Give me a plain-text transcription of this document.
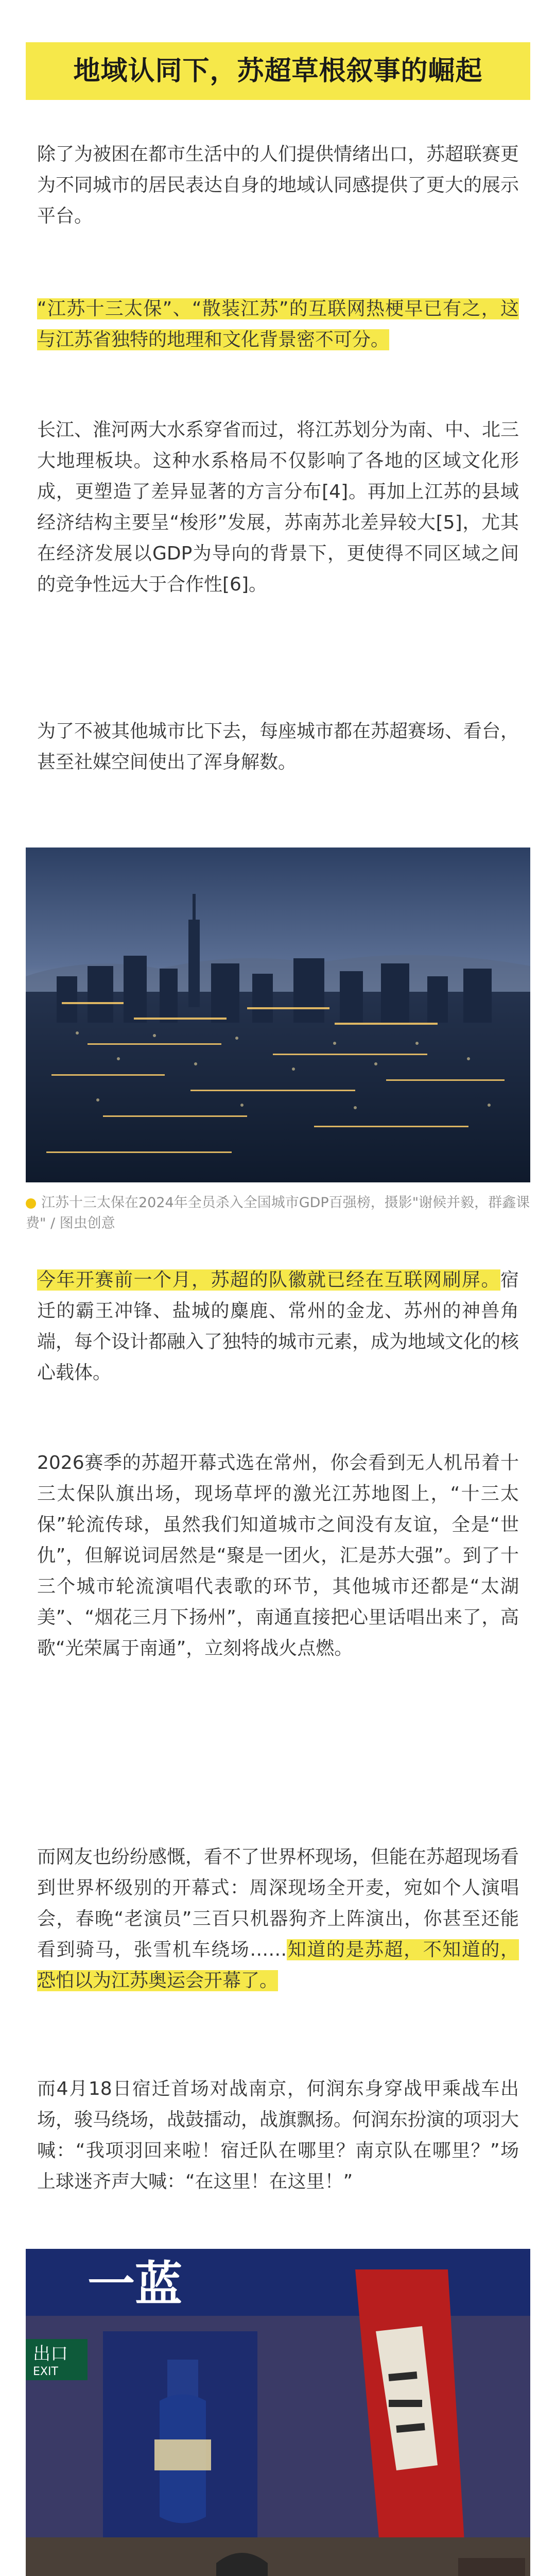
地域认同下，苏超草根叙事的崛起

除了为被困在都市生活中的人们提供情绪出口，苏超联赛更为不同城市的居民表达自身的地域认同感提供了更大的展示平台。

“江苏十三太保”、“散装江苏”的互联网热梗早已有之，这与江苏省独特的地理和文化背景密不可分。

长江、淮河两大水系穿省而过，将江苏划分为南、中、北三大地理板块。这种水系格局不仅影响了各地的区域文化形成，更塑造了差异显著的方言分布[4]。再加上江苏的县域经济结构主要呈“梭形”发展，苏南苏北差异较大[5]，尤其在经济发展以GDP为导向的背景下，更使得不同区域之间的竞争性远大于合作性[6]。

为了不被其他城市比下去，每座城市都在苏超赛场、看台，甚至社媒空间使出了浑身解数。

江苏十三太保在2024年全员杀入全国城市GDP百强榜，摄影"谢候并毅，群鑫课费" / 图虫创意

今年开赛前一个月，苏超的队徽就已经在互联网刷屏。宿迁的霸王冲锋、盐城的麋鹿、常州的金龙、苏州的神兽角端，每个设计都融入了独特的城市元素，成为地域文化的核心载体。

2026赛季的苏超开幕式选在常州，你会看到无人机吊着十三太保队旗出场，现场草坪的激光江苏地图上，“十三太保”轮流传球，虽然我们知道城市之间没有友谊，全是“世仇”，但解说词居然是“聚是一团火，汇是苏大强”。到了十三个城市轮流演唱代表歌的环节，其他城市还都是“太湖美”、“烟花三月下扬州”，南通直接把心里话唱出来了，高歌“光荣属于南通”，立刻将战火点燃。

而网友也纷纷感慨，看不了世界杯现场，但能在苏超现场看到世界杯级别的开幕式：周深现场全开麦，宛如个人演唱会，春晚“老演员”三百只机器狗齐上阵演出，你甚至还能看到骑马，张雪机车绕场……知道的是苏超，不知道的，恐怕以为江苏奥运会开幕了。

而4月18日宿迁首场对战南京，何润东身穿战甲乘战车出场，骏马绕场，战鼓擂动，战旗飘扬。何润东扮演的项羽大喊：“我项羽回来啦！宿迁队在哪里？南京队在哪里？”场上球迷齐声大喊：“在这里！在这里！”

一蓝
出口
EXIT
